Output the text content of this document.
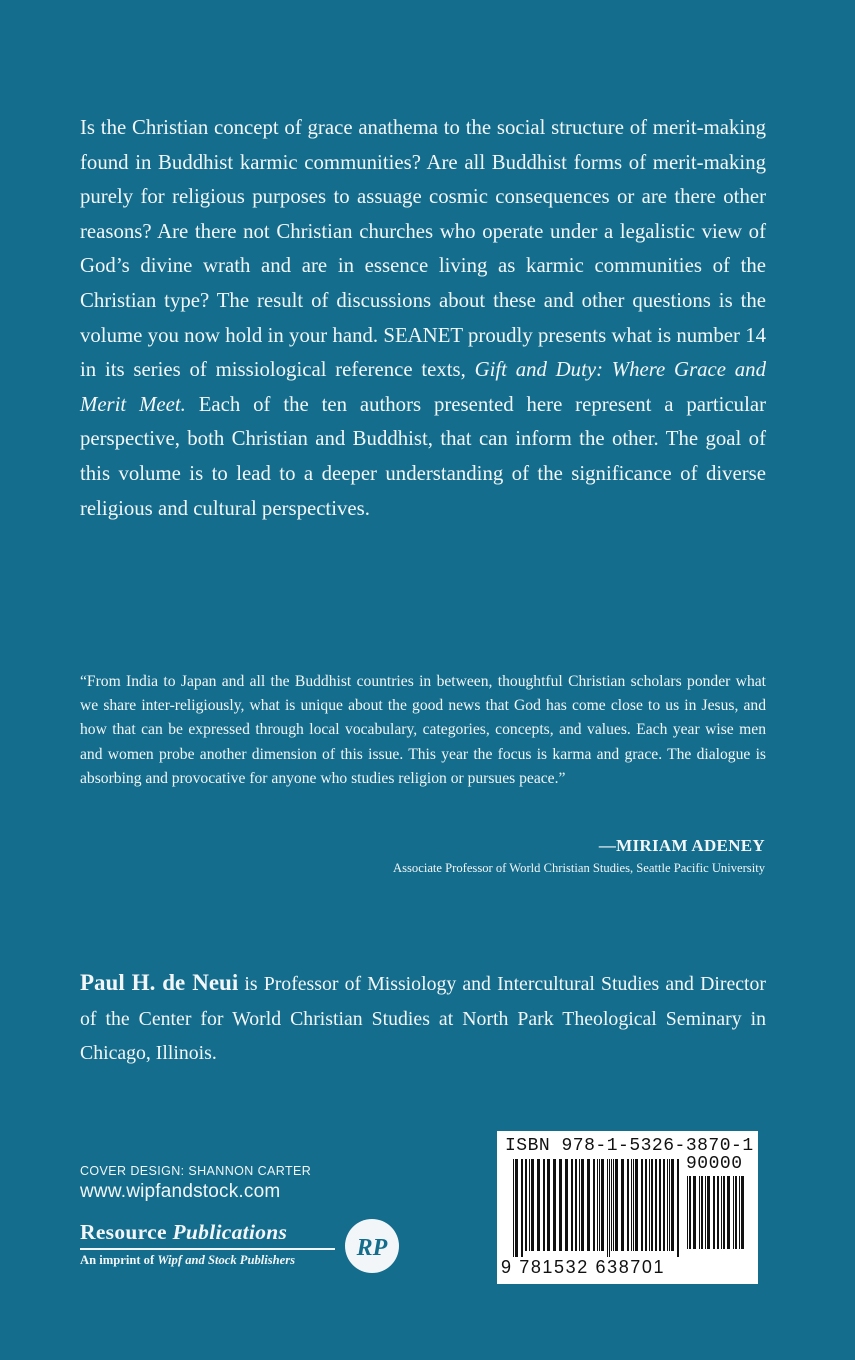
Is the Christian concept of grace anathema to the social structure of merit-making found in Buddhist karmic communities? Are all Buddhist forms of merit-making purely for religious purposes to assuage cosmic consequences or are there other reasons? Are there not Christian churches who operate under a legalistic view of God’s divine wrath and are in essence living as karmic communities of the Christian type? The result of discussions about these and other questions is the volume you now hold in your hand. SEANET proudly presents what is number 14 in its series of missiological reference texts, Gift and Duty: Where Grace and Merit Meet. Each of the ten authors presented here represent a particular perspective, both Christian and Buddhist, that can inform the other. The goal of this volume is to lead to a deeper understanding of the significance of diverse religious and cultural perspectives.

“From India to Japan and all the Buddhist countries in between, thoughtful Christian scholars ponder what we share inter-religiously, what is unique about the good news that God has come close to us in Jesus, and how that can be expressed through local vocabulary, categories, concepts, and values. Each year wise men and women probe another dimension of this issue. This year the focus is karma and grace. The dialogue is absorbing and provocative for anyone who studies religion or pursues peace.”

—MIRIAM ADENEY

Associate Professor of World Christian Studies, Seattle Pacific University

Paul H. de Neui is Professor of Missiology and Intercultural Studies and Director of the Center for World Christian Studies at North Park Theological Seminary in Chicago, Illinois.

COVER DESIGN: SHANNON CARTER

www.wipfandstock.com

Resource Publications
An imprint of Wipf and Stock Publishers	RP
ISBN 978-1-5326-3870-1
90000
9 781532 638701
